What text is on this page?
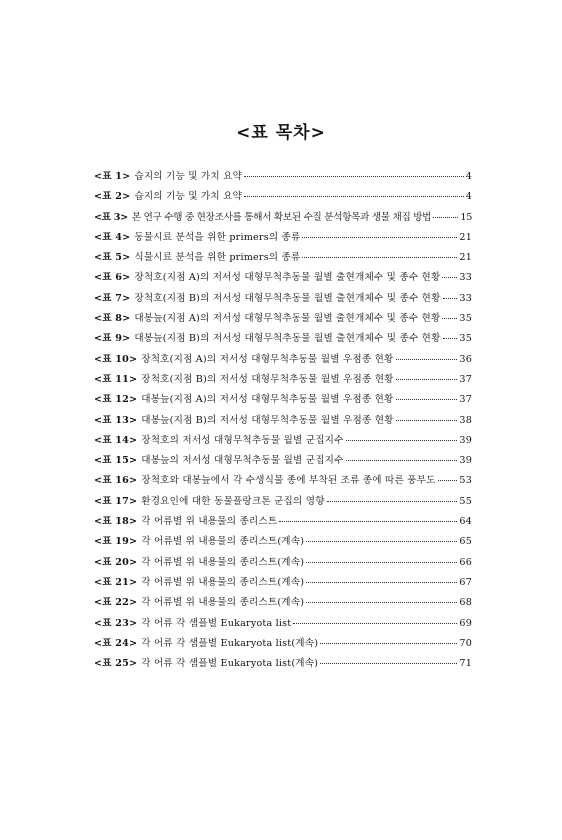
<표 목차>
<표 1> 습지의 기능 및 가치 요약	4
<표 2> 습지의 기능 및 가치 요약	4
<표 3> 본 연구 수행 중 현장조사를 통해서 확보된 수질 분석항목과 생물 채집 방법	15
<표 4> 동물시료 분석을 위한 primers의 종류	21
<표 5> 식물시료 분석을 위한 primers의 종류	21
<표 6> 장척호(지점 A)의 저서성 대형무척추동물 월별 출현개체수 및 종수 현황 33
<표 7> 장척호(지점 B)의 저서성 대형무척추동물 월별 출현개체수 및 종수 현황 33
<표 8> 대봉늪(지점 A)의 저서성 대형무척추동물 월별 출현개체수 및 종수 현황 35
<표 9> 대봉늪(지점 B)의 저서성 대형무척추동물 월별 출현개체수 및 종수 현황 35
<표 10> 장척호(지점 A)의 저서성 대형무척추동물 월별 우점종 현황	36
<표 11> 장척호(지점 B)의 저서성 대형무척추동물 월별 우점종 현황	37
<표 12> 대봉늪(지점 A)의 저서성 대형무척추동물 월별 우점종 현황	37
<표 13> 대봉늪(지점 B)의 저서성 대형무척추동물 월별 우점종 현황	38
<표 14> 장척호의 저서성 대형무척추동물 월별 군집지수	39
<표 15> 대봉늪의 저서성 대형무척추동물 월별 군집지수	39
<표 16> 장척호와 대봉늪에서 각 수생식물 종에 부착된 조류 종에 따른 풍부도 53
<표 17> 환경요인에 대한 동물플랑크톤 군집의 영향	55
<표 18> 각 어류별 위 내용물의 종리스트	64
<표 19> 각 어류별 위 내용물의 종리스트(계속)	65
<표 20> 각 어류별 위 내용물의 종리스트(계속)	66
<표 21> 각 어류별 위 내용물의 종리스트(계속)	67
<표 22> 각 어류별 위 내용물의 종리스트(계속)	68
<표 23> 각 어류 각 샘플별 Eukaryota list	69
<표 24> 각 어류 각 샘플별 Eukaryota list(계속)	70
<표 25> 각 어류 각 샘플별 Eukaryota list(계속)	71
